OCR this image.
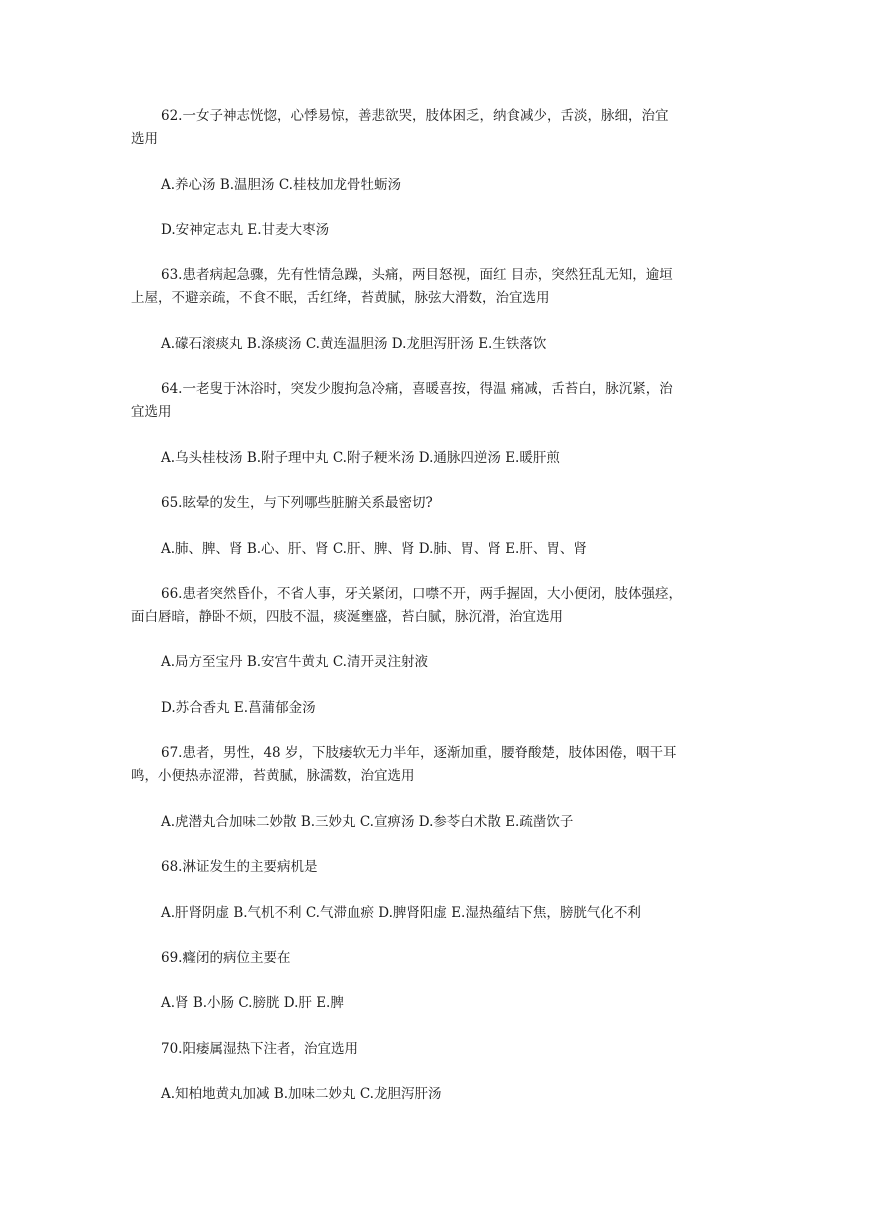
62.一女子神志恍惚，心悸易惊，善悲欲哭，肢体困乏，纳食减少，舌淡，脉细，治宜
选用
A.养心汤 B.温胆汤 C.桂枝加龙骨牡蛎汤
D.安神定志丸 E.甘麦大枣汤
63.患者病起急骤，先有性情急躁，头痛，两目怒视，面红 目赤，突然狂乱无知，逾垣
上屋，不避亲疏，不食不眠，舌红绛，苔黄腻，脉弦大滑数，治宜选用
A.礞石滚痰丸 B.涤痰汤 C.黄连温胆汤 D.龙胆泻肝汤 E.生铁落饮
64.一老叟于沐浴时，突发少腹拘急冷痛，喜暖喜按，得温 痛减，舌苔白，脉沉紧，治
宜选用
A.乌头桂枝汤 B.附子理中丸 C.附子粳米汤 D.通脉四逆汤 E.暖肝煎
65.眩晕的发生，与下列哪些脏腑关系最密切?
A.肺、脾、肾 B.心、肝、肾 C.肝、脾、肾 D.肺、胃、肾 E.肝、胃、肾
66.患者突然昏仆，不省人事，牙关紧闭，口噤不开，两手握固，大小便闭，肢体强痉，
面白唇暗，静卧不烦，四肢不温，痰涎壅盛，苔白腻，脉沉滑，治宜选用
A.局方至宝丹 B.安宫牛黄丸 C.清开灵注射液
D.苏合香丸 E.菖蒲郁金汤
67.患者，男性，48 岁，下肢痿软无力半年，逐渐加重，腰脊酸楚，肢体困倦，咽干耳
鸣，小便热赤涩滞，苔黄腻，脉濡数，治宜选用
A.虎潜丸合加味二妙散 B.三妙丸 C.宣痹汤 D.参苓白术散 E.疏凿饮子
68.淋证发生的主要病机是
A.肝肾阴虚 B.气机不利 C.气滞血瘀 D.脾肾阳虚 E.湿热蕴结下焦，膀胱气化不利
69.癃闭的病位主要在
A.肾 B.小肠 C.膀胱 D.肝 E.脾
70.阳痿属湿热下注者，治宜选用
A.知柏地黄丸加减 B.加味二妙丸 C.龙胆泻肝汤
